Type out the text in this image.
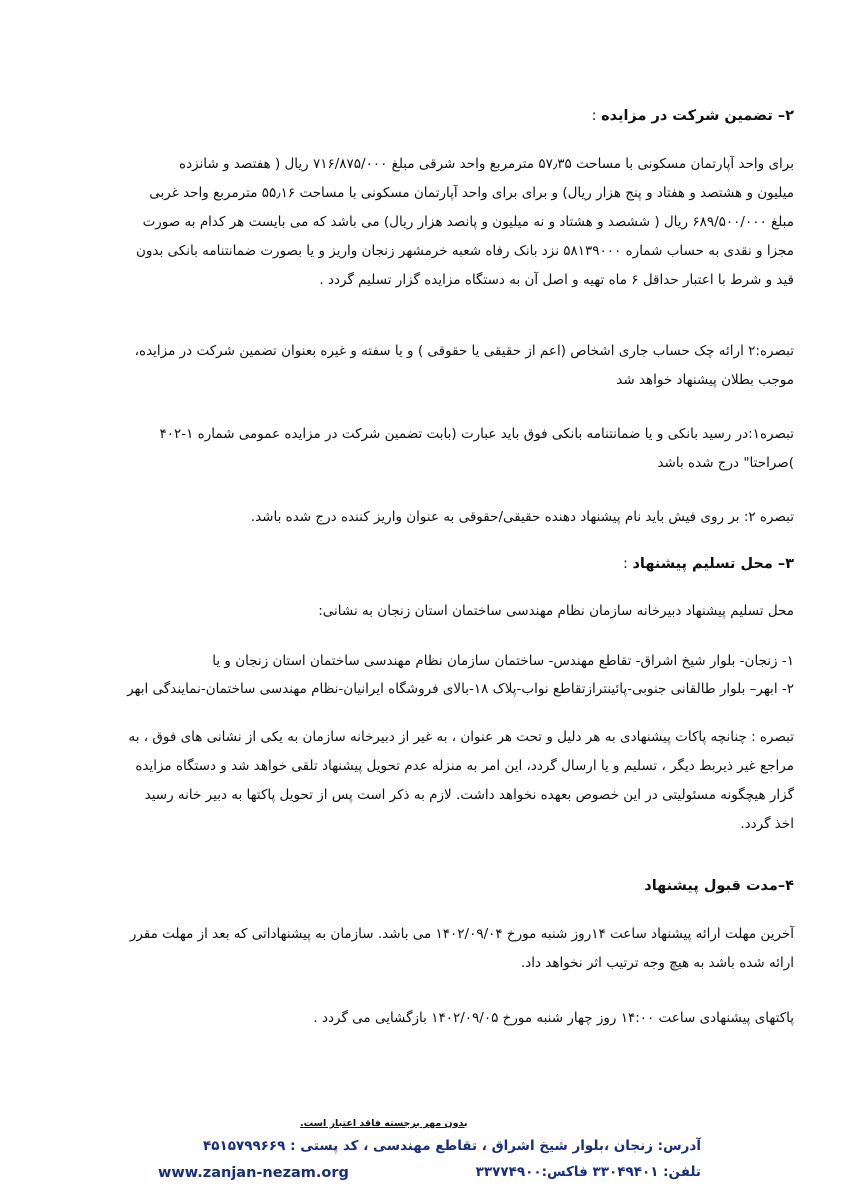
۲– تضمین شرکت در مزایده :
برای واحد آپارتمان مسکونی با مساحت ۵۷٫۳۵ مترمربع واحد شرقی مبلغ ۷۱۶/۸۷۵/۰۰۰ ریال ( هفتصد و شانزده
میلیون و هشتصد و هفتاد و پنج هزار ریال) و برای برای واحد آپارتمان مسکونی با مساحت ۵۵٫۱۶ مترمربع واحد غربی
مبلغ ۶۸۹/۵۰۰/۰۰۰ ریال ( ششصد و هشتاد و نه میلیون و پانصد هزار ریال) می باشد که می بایست هر کدام به صورت
مجزا و نقدی به حساب شماره ۵۸۱۳۹۰۰۰ نزد بانک رفاه شعبه خرمشهر زنجان واریز و یا بصورت ضمانتنامه بانکی بدون
قید و شرط با اعتبار حداقل ۶ ماه تهیه و اصل آن به دستگاه مزایده گزار تسلیم گردد .
تبصره:۲ ارائه چک حساب جاری اشخاص (اعم از حقیقی یا حقوقی ) و یا سفته و غیره بعنوان تضمین شرکت در مزایده،
موجب بطلان پیشنهاد خواهد شد
تبصره۱:در رسید بانکی و یا ضمانتنامه بانکی فوق باید عبارت (بابت تضمین شرکت در مزایده عمومی شماره ۱-۴۰۲
)صراحتا" درج شده باشد
تبصره ۲: بر روی فیش باید نام پیشنهاد دهنده حقیقی/حقوقی به عنوان واریز کننده درج شده باشد.
۳– محل تسلیم پیشنهاد :
محل تسلیم پیشنهاد دبیرخانه سازمان نظام مهندسی ساختمان استان زنجان به نشانی:
۱- زنجان- بلوار شیخ اشراق- تقاطع مهندس- ساختمان سازمان نظام مهندسی ساختمان استان زنجان و یا
۲- ابهر– بلوار طالقانی جنوبی-پائینترازتقاطع نواب-پلاک ۱۸-بالای فروشگاه ایرانیان-نظام مهندسی ساختمان-نمایندگی ابهر
تبصره : چنانچه پاکات پیشنهادی به هر دلیل و تحت هر عنوان ، به غیر از دبیرخانه سازمان به یکی از نشانی های فوق ، به
مراجع غیر ذیربط دیگر ، تسلیم و یا ارسال گردد، این امر به منزله عدم تحویل پیشنهاد تلقی خواهد شد و دستگاه مزایده
گزار هیچگونه مسئولیتی در این خصوص بعهده نخواهد داشت. لازم به ذکر است پس از تحویل پاکتها به دبیر خانه رسید
اخذ گردد.
۴–مدت قبول پیشنهاد
آخرین مهلت ارائه پیشنهاد ساعت ۱۴روز شنبه مورخ ۱۴۰۲/۰۹/۰۴ می باشد. سازمان به پیشنهاداتی که بعد از مهلت مقرر
ارائه شده باشد به هیچ وجه ترتیب اثر نخواهد داد.
پاکتهای پیشنهادی ساعت ۱۴:۰۰ روز چهار شنبه مورخ ۱۴۰۲/۰۹/۰۵ بازگشایی می گردد .
بدون مهر برجسته فاقد اعتبار است.
آدرس: زنجان ،بلوار شیخ اشراق ، تقاطع مهندسی ، کد پستی : ۴۵۱۵۷۹۹۶۶۹
تلفن: ۳۳۰۴۹۴۰۱ فاکس:۳۳۷۷۴۹۰۰
www.zanjan-nezam.org
